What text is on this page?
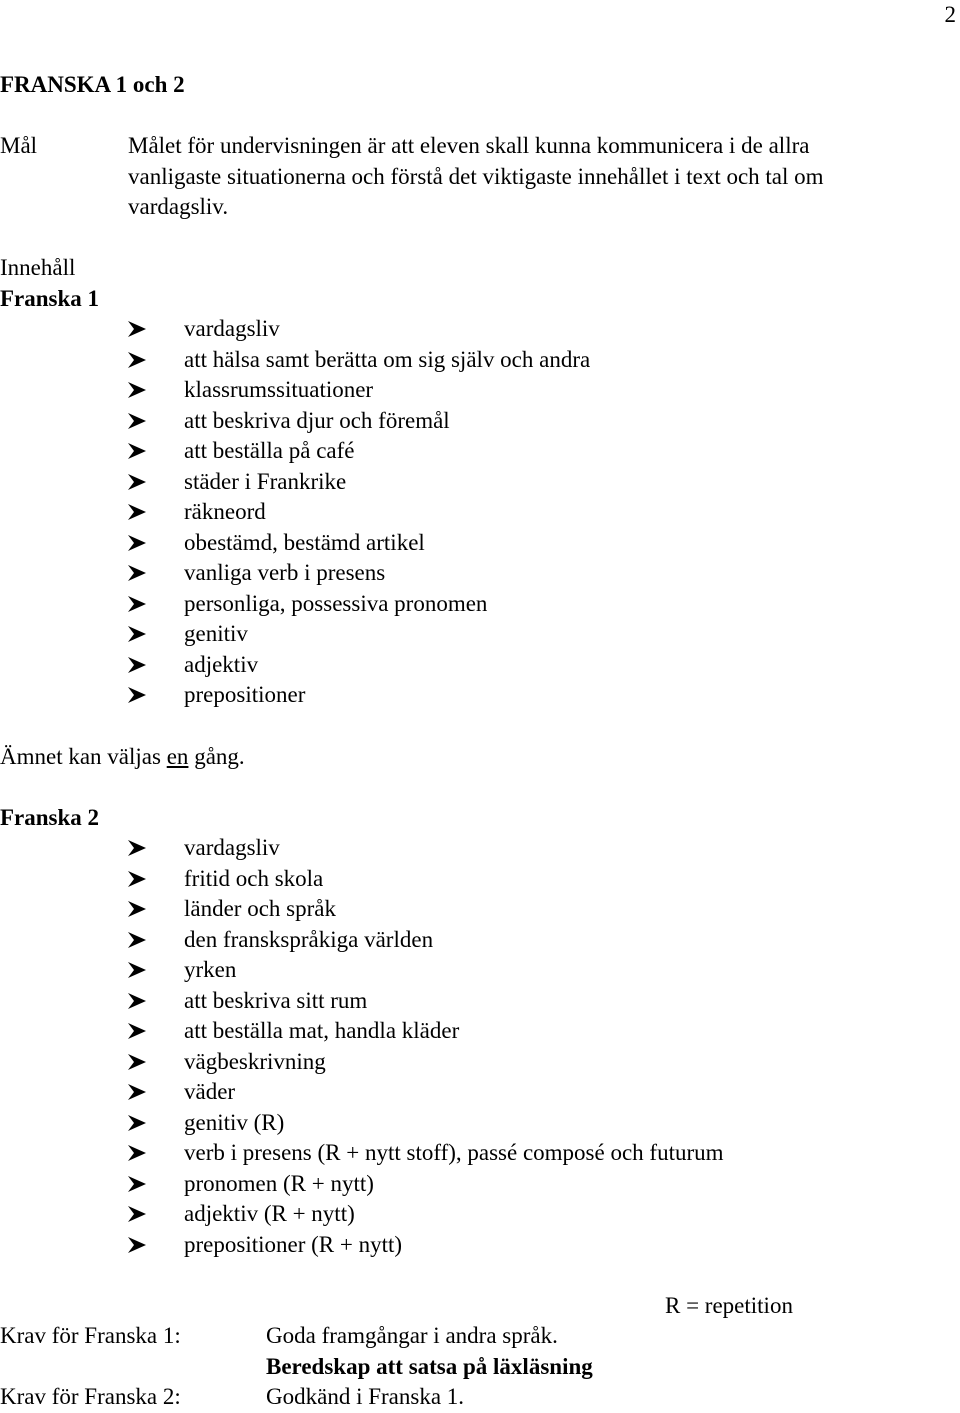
2
FRANSKA 1 och 2
Mål	Målet för undervisningen är att eleven skall kunna kommunicera i de allra
vanligaste situationerna och förstå det viktigaste innehållet i text och tal om
vardagsliv.
Innehåll
Franska 1
vardagsliv
att hälsa samt berätta om sig själv och andra
klassrumssituationer
att beskriva djur och föremål
att beställa på café
städer i Frankrike
räkneord
obestämd, bestämd artikel
vanliga verb i presens
personliga, possessiva pronomen
genitiv
adjektiv
prepositioner
Ämnet kan väljas en gång.
Franska 2
vardagsliv
fritid och skola
länder och språk
den franskspråkiga världen
yrken
att beskriva sitt rum
att beställa mat, handla kläder
vägbeskrivning
väder
genitiv (R)
verb i presens (R + nytt stoff), passé composé och futurum
pronomen (R + nytt)
adjektiv (R + nytt)
prepositioner (R + nytt)
R = repetition
Krav för Franska 1:	Goda framgångar i andra språk.
Beredskap att satsa på läxläsning
Krav för Franska 2:	Godkänd i Franska 1.
